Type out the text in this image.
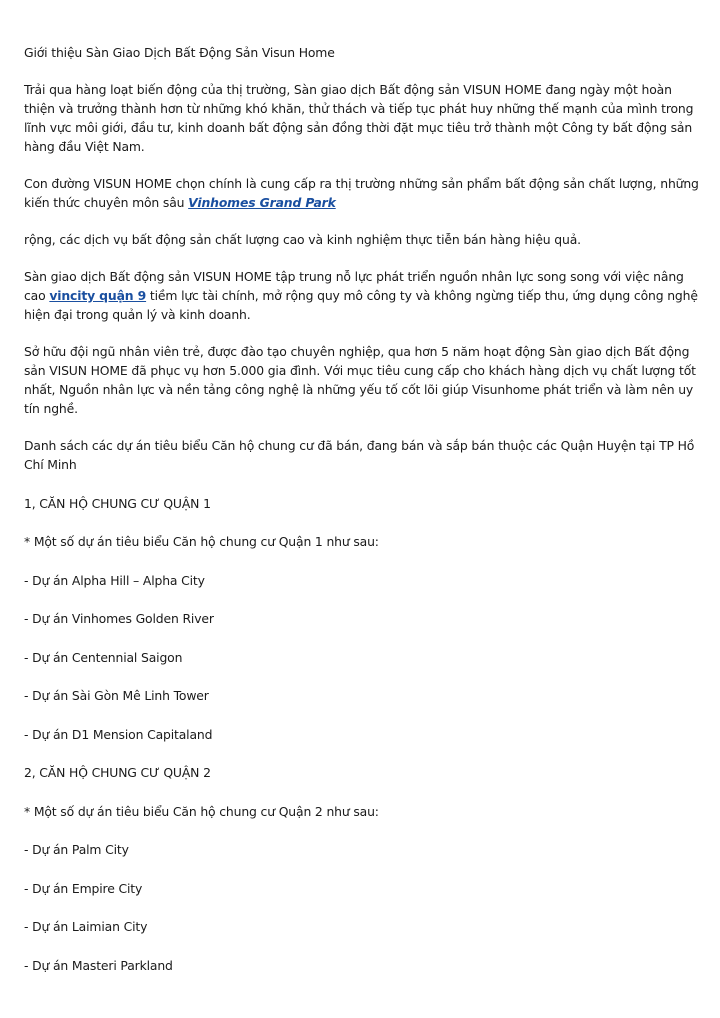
Giới thiệu Sàn Giao Dịch Bất Động Sản Visun Home

Trải qua hàng loạt biến động của thị trường, Sàn giao dịch Bất động sản VISUN HOME đang ngày một hoàn thiện và trưởng thành hơn từ những khó khăn, thử thách và tiếp tục phát huy những thế mạnh của mình trong lĩnh vực môi giới, đầu tư, kinh doanh bất động sản đồng thời đặt mục tiêu trở thành một Công ty bất động sản hàng đầu Việt Nam.

Con đường VISUN HOME chọn chính là cung cấp ra thị trường những sản phẩm bất động sản chất lượng, những kiến thức chuyên môn sâu Vinhomes Grand Park

rộng, các dịch vụ bất động sản chất lượng cao và kinh nghiệm thực tiễn bán hàng hiệu quả.

Sàn giao dịch Bất động sản VISUN HOME tập trung nỗ lực phát triển nguồn nhân lực song song với việc nâng cao vincity quận 9 tiềm lực tài chính, mở rộng quy mô công ty và không ngừng tiếp thu, ứng dụng công nghệ hiện đại trong quản lý và kinh doanh.

Sở hữu đội ngũ nhân viên trẻ, được đào tạo chuyên nghiệp, qua hơn 5 năm hoạt động Sàn giao dịch Bất động sản VISUN HOME đã phục vụ hơn 5.000 gia đình. Với mục tiêu cung cấp cho khách hàng dịch vụ chất lượng tốt nhất, Nguồn nhân lực và nền tảng công nghệ là những yếu tố cốt lõi giúp Visunhome phát triển và làm nên uy tín nghề.

Danh sách các dự án tiêu biểu Căn hộ chung cư đã bán, đang bán và sắp bán thuộc các Quận Huyện tại TP Hồ Chí Minh

1, CĂN HỘ CHUNG CƯ QUẬN 1

* Một số dự án tiêu biểu Căn hộ chung cư Quận 1 như sau:

- Dự án Alpha Hill – Alpha City

- Dự án Vinhomes Golden River

- Dự án Centennial Saigon

- Dự án Sài Gòn Mê Linh Tower

- Dự án D1 Mension Capitaland

2, CĂN HỘ CHUNG CƯ QUẬN 2

* Một số dự án tiêu biểu Căn hộ chung cư Quận 2 như sau:

- Dự án Palm City

- Dự án Empire City

- Dự án Laimian City

- Dự án Masteri Parkland
